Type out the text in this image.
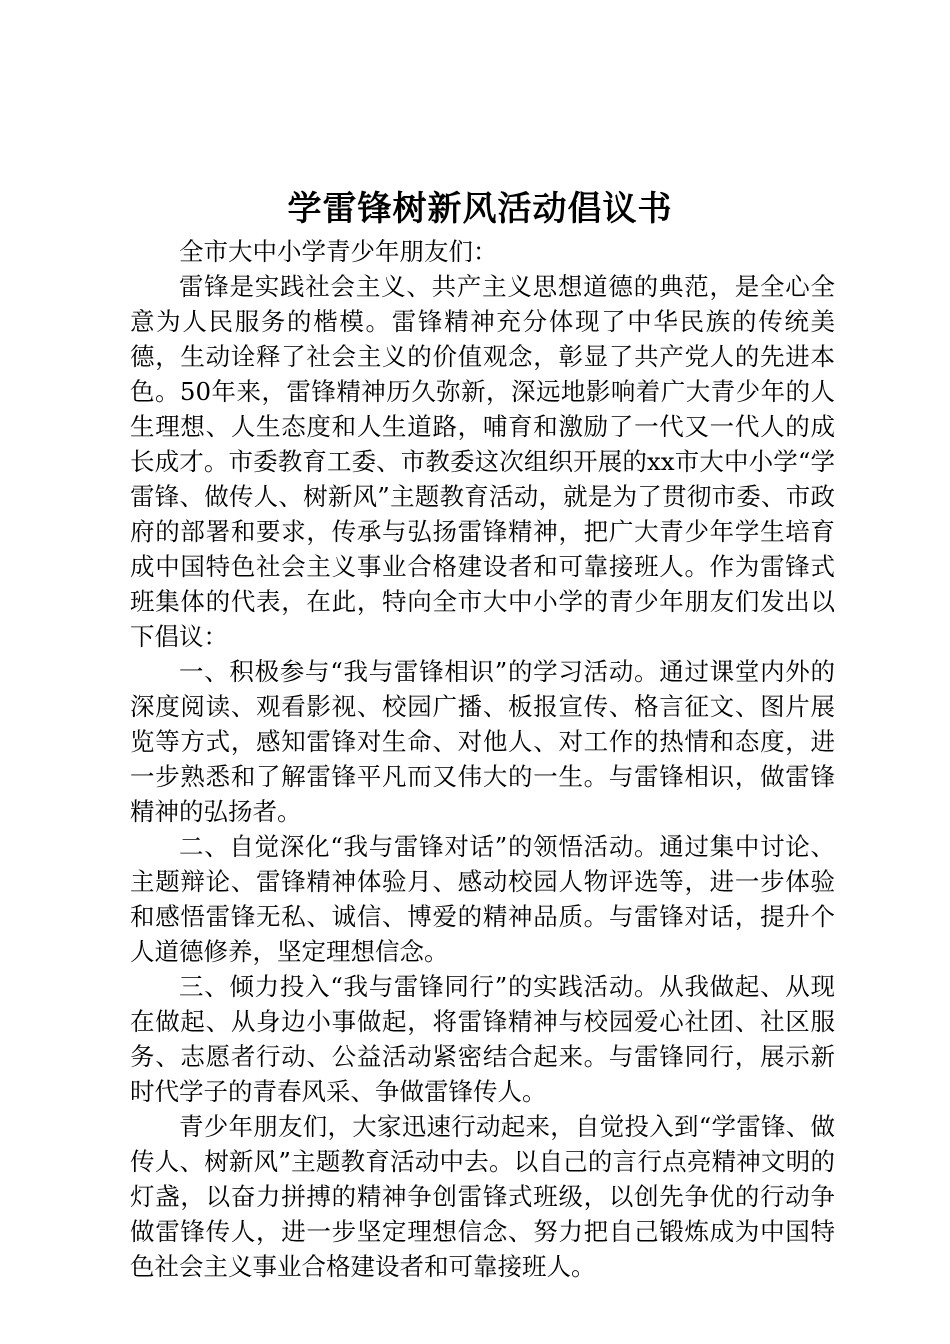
学雷锋树新风活动倡议书

全市大中小学青少年朋友们：

雷锋是实践社会主义、共产主义思想道德的典范，是全心全意为人民服务的楷模。雷锋精神充分体现了中华民族的传统美德，生动诠释了社会主义的价值观念，彰显了共产党人的先进本色。50年来，雷锋精神历久弥新，深远地影响着广大青少年的人生理想、人生态度和人生道路，哺育和激励了一代又一代人的成长成才。市委教育工委、市教委这次组织开展的xx市大中小学“学雷锋、做传人、树新风”主题教育活动，就是为了贯彻市委、市政府的部署和要求，传承与弘扬雷锋精神，把广大青少年学生培育成中国特色社会主义事业合格建设者和可靠接班人。作为雷锋式班集体的代表，在此，特向全市大中小学的青少年朋友们发出以下倡议：

一、积极参与“我与雷锋相识”的学习活动。通过课堂内外的深度阅读、观看影视、校园广播、板报宣传、格言征文、图片展览等方式，感知雷锋对生命、对他人、对工作的热情和态度，进一步熟悉和了解雷锋平凡而又伟大的一生。与雷锋相识，做雷锋精神的弘扬者。

二、自觉深化“我与雷锋对话”的领悟活动。通过集中讨论、主题辩论、雷锋精神体验月、感动校园人物评选等，进一步体验和感悟雷锋无私、诚信、博爱的精神品质。与雷锋对话，提升个人道德修养，坚定理想信念。

三、倾力投入“我与雷锋同行”的实践活动。从我做起、从现在做起、从身边小事做起，将雷锋精神与校园爱心社团、社区服务、志愿者行动、公益活动紧密结合起来。与雷锋同行，展示新时代学子的青春风采、争做雷锋传人。

青少年朋友们，大家迅速行动起来，自觉投入到“学雷锋、做传人、树新风”主题教育活动中去。以自己的言行点亮精神文明的灯盏，以奋力拼搏的精神争创雷锋式班级，以创先争优的行动争做雷锋传人，进一步坚定理想信念、努力把自己锻炼成为中国特色社会主义事业合格建设者和可靠接班人。
